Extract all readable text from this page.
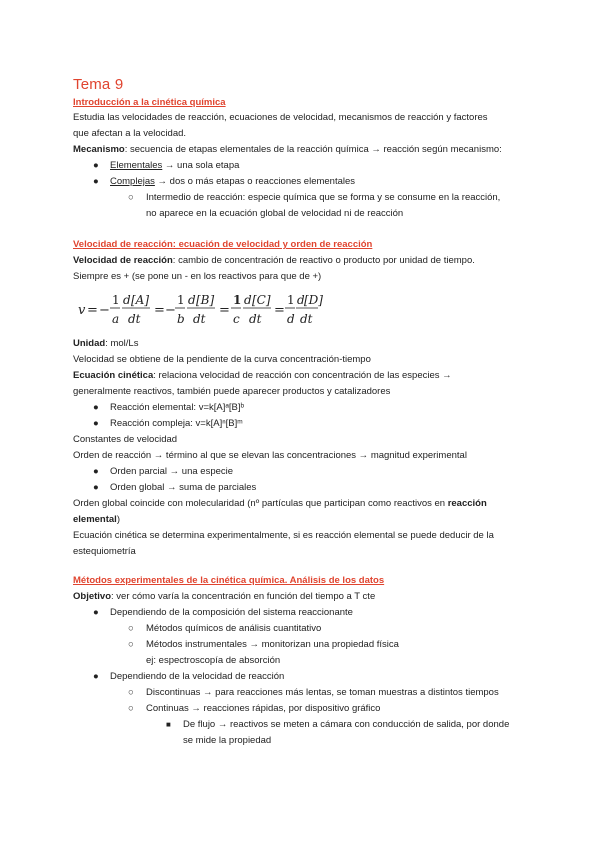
Tema 9
Introducción a la cinética química
Estudia las velocidades de reacción, ecuaciones de velocidad, mecanismos de reacción y factores
que afectan a la velocidad.
Mecanismo: secuencia de etapas elementales de la reacción química → reacción según mecanismo:
● Elementales → una sola etapa
● Complejas → dos o más etapas o reacciones elementales
○ Intermedio de reacción: especie química que se forma y se consume en la reacción,
no aparece en la ecuación global de velocidad ni de reacción
Velocidad de reacción: ecuación de velocidad y orden de reacción
Velocidad de reacción: cambio de concentración de reactivo o producto por unidad de tiempo.
Siempre es + (se pone un - en los reactivos para que de +)
v = −
1
a
d [A]
dt
= −
1
b
d [B]
dt
=
1
c
d [C]
dt
=
1
d
d [D]
dt
Unidad: mol/Ls
Velocidad se obtiene de la pendiente de la curva concentración-tiempo
Ecuación cinética: relaciona velocidad de reacción con concentración de las especies →
generalmente reactivos, también puede aparecer productos y catalizadores
● Reacción elemental: v=k[A]ᵃ[B]ᵇ
● Reacción compleja: v=k[A]ⁿ[B]ᵐ
Constantes de velocidad
Orden de reacción → término al que se elevan las concentraciones → magnitud experimental
● Orden parcial → una especie
● Orden global → suma de parciales
Orden global coincide con molecularidad (nº partículas que participan como reactivos en reacción
elemental)
Ecuación cinética se determina experimentalmente, si es reacción elemental se puede deducir de la
estequiometría
Métodos experimentales de la cinética química. Análisis de los datos
Objetivo: ver cómo varía la concentración en función del tiempo a T cte
● Dependiendo de la composición del sistema reaccionante
○ Métodos químicos de análisis cuantitativo
○ Métodos instrumentales → monitorizan una propiedad física
ej: espectroscopía de absorción
● Dependiendo de la velocidad de reacción
○ Discontinuas → para reacciones más lentas, se toman muestras a distintos tiempos
○ Continuas → reacciones rápidas, por dispositivo gráfico
■ De flujo → reactivos se meten a cámara con conducción de salida, por donde
se mide la propiedad
